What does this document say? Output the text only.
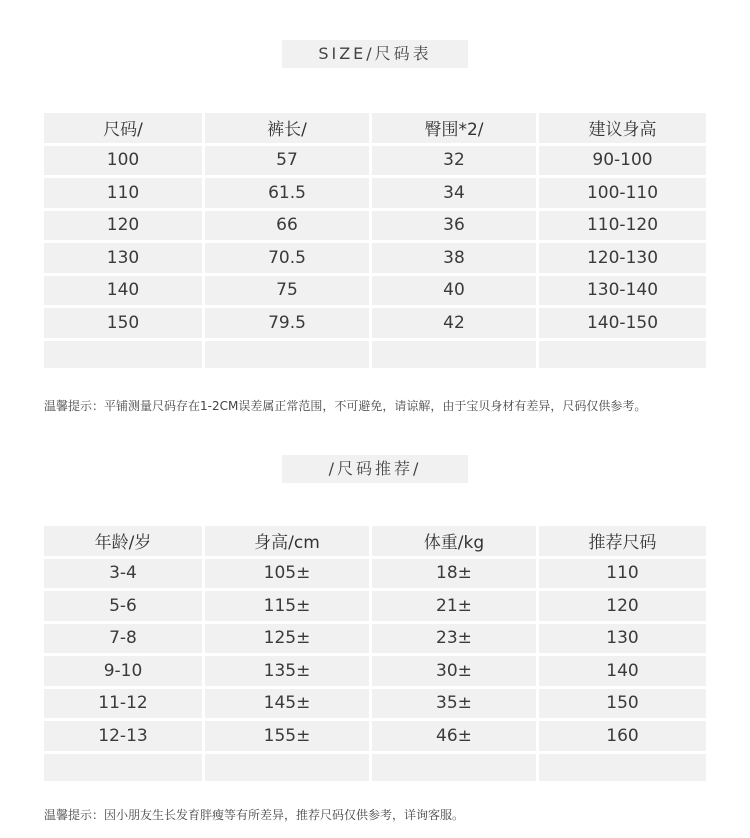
SIZE/尺码表
尺码/	裤长/	臀围*2/	建议身高
100	57	32	90-100
110	61.5	34	100-110
120	66	36	110-120
130	70.5	38	120-130
140	75	40	130-140
150	79.5	42	140-150
温馨提示：平铺测量尺码存在1-2CM误差属正常范围，不可避免，请谅解，由于宝贝身材有差异，尺码仅供参考。
/尺码推荐/
年龄/岁	身高/cm	体重/kg	推荐尺码
3-4	105±	18±	110
5-6	115±	21±	120
7-8	125±	23±	130
9-10	135±	30±	140
11-12	145±	35±	150
12-13	155±	46±	160
温馨提示：因小朋友生长发育胖瘦等有所差异，推荐尺码仅供参考，详询客服。
